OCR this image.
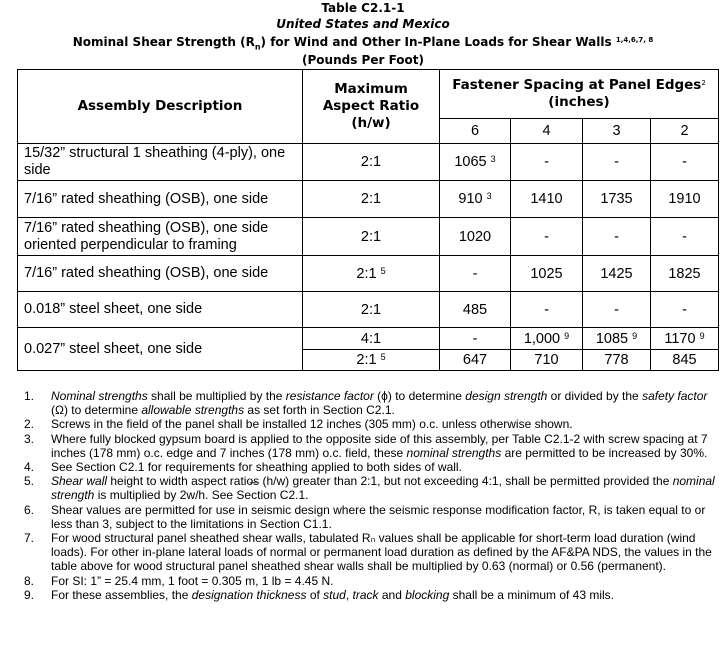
Table C2.1-1
United States and Mexico
Nominal Shear Strength $(R_n)$ for Wind and Other In-Plane Loads for Shear Walls $^{1,4,6,7, 8}$
(Pounds Per Foot)
Assembly Description	Maximum Aspect Ratio (h/w)	Fastener Spacing at Panel Edges$^2$
(inches)			
		6	4	3	2
15/32” structural 1 sheathing (4-ply), one side	2:1	1065 $^3$	-	-	-
7/16” rated sheathing (OSB), one side	2:1	910 $^3$	1410	1735	1910
7/16” rated sheathing (OSB), one side oriented perpendicular to framing	2:1	1020	-	-	-
7/16” rated sheathing (OSB), one side	2:1 $^5$	-	1025	1425	1825
0.018” steel sheet, one side	2:1	485	-	-	-
0.027” steel sheet, one side	4:1	-	1,000 $^9$	1085 $^9$	1170 $^9$
	2:1 $^5$	647	710	778	845
1. Nominal strengths shall be multiplied by the resistance factor (ϕ) to determine design strength or divided by the safety factor (Ω) to determine allowable strengths as set forth in Section C2.1.
2. Screws in the field of the panel shall be installed 12 inches (305 mm) o.c. unless otherwise shown.
3. Where fully blocked gypsum board is applied to the opposite side of this assembly, per Table C2.1-2 with screw spacing at 7 inches (178 mm) o.c. edge and 7 inches (178 mm) o.c. field, these nominal strengths are permitted to be increased by 30%.
4. See Section C2.1 for requirements for sheathing applied to both sides of wall.
5. Shear wall height to width aspect ratio̶s (h/w) greater than 2:1, but not exceeding 4:1, shall be permitted provided the nominal strength is multiplied by 2w/h. See Section C2.1.
6. Shear values are permitted for use in seismic design where the seismic response modification factor, R, is taken equal to or less than 3, subject to the limitations in Section C1.1.
7. For wood structural panel sheathed shear walls, tabulated Rₙ values shall be applicable for short-term load duration (wind loads). For other in-plane lateral loads of normal or permanent load duration as defined by the AF&PA NDS, the values in the table above for wood structural panel sheathed shear walls shall be multiplied by 0.63 (normal) or 0.56 (permanent).
8. For SI: 1” = 25.4 mm, 1 foot = 0.305 m, 1 lb = 4.45 N.
9. For these assemblies, the designation thickness of stud, track and blocking shall be a minimum of 43 mils.
